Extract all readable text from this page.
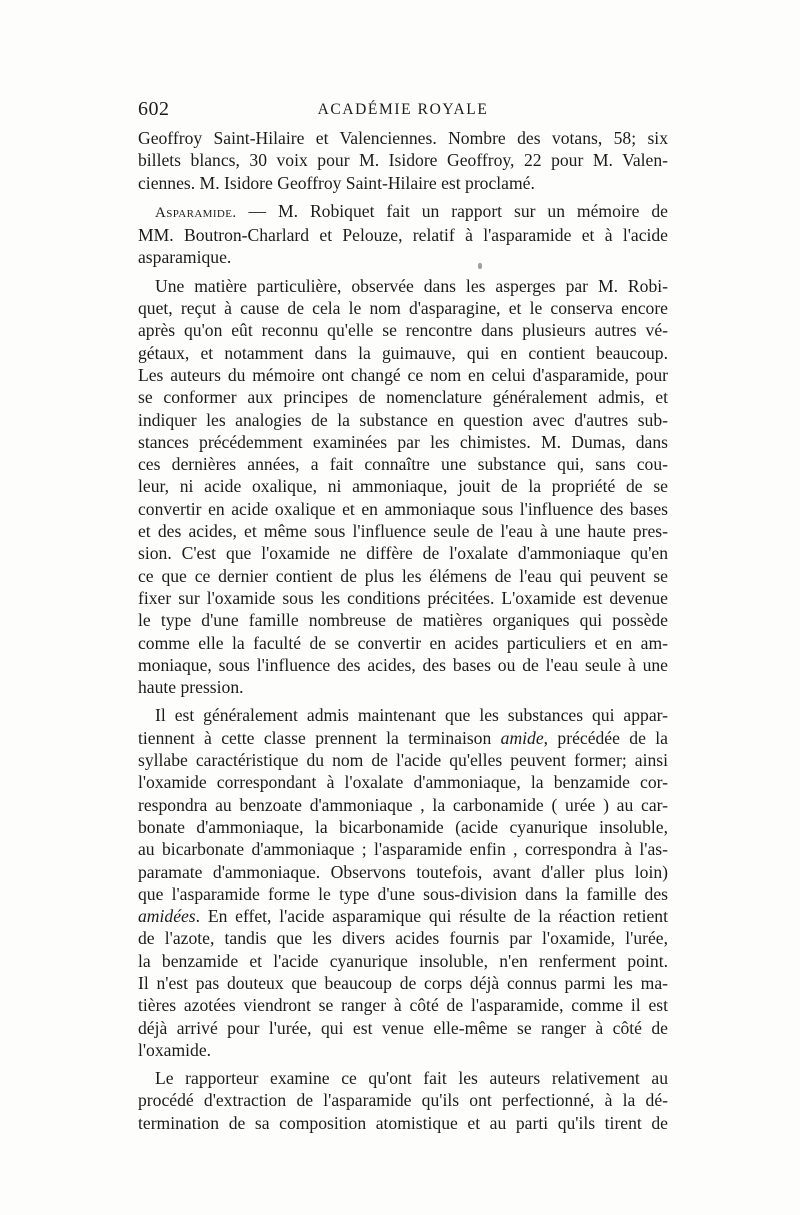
602	ACADÉMIE ROYALE

Geoffroy Saint-Hilaire et Valenciennes. Nombre des votans, 58; six

billets blancs, 30 voix pour M. Isidore Geoffroy, 22 pour M. Valen-

ciennes. M. Isidore Geoffroy Saint-Hilaire est proclamé.

Asparamide. — M. Robiquet fait un rapport sur un mémoire de

MM. Boutron-Charlard et Pelouze, relatif à l'asparamide et à l'acide

asparamique.

Une matière particulière, observée dans les asperges par M. Robi-

quet, reçut à cause de cela le nom d'asparagine, et le conserva encore

après qu'on eût reconnu qu'elle se rencontre dans plusieurs autres vé-

gétaux, et notamment dans la guimauve, qui en contient beaucoup.

Les auteurs du mémoire ont changé ce nom en celui d'asparamide, pour

se conformer aux principes de nomenclature généralement admis, et

indiquer les analogies de la substance en question avec d'autres sub-

stances précédemment examinées par les chimistes. M. Dumas, dans

ces dernières années, a fait connaître une substance qui, sans cou-

leur, ni acide oxalique, ni ammoniaque, jouit de la propriété de se

convertir en acide oxalique et en ammoniaque sous l'influence des bases

et des acides, et même sous l'influence seule de l'eau à une haute pres-

sion. C'est que l'oxamide ne diffère de l'oxalate d'ammoniaque qu'en

ce que ce dernier contient de plus les élémens de l'eau qui peuvent se

fixer sur l'oxamide sous les conditions précitées. L'oxamide est devenue

le type d'une famille nombreuse de matières organiques qui possède

comme elle la faculté de se convertir en acides particuliers et en am-

moniaque, sous l'influence des acides, des bases ou de l'eau seule à une

haute pression.

Il est généralement admis maintenant que les substances qui appar-

tiennent à cette classe prennent la terminaison amide, précédée de la

syllabe caractéristique du nom de l'acide qu'elles peuvent former; ainsi

l'oxamide correspondant à l'oxalate d'ammoniaque, la benzamide cor-

respondra au benzoate d'ammoniaque , la carbonamide ( urée ) au car-

bonate d'ammoniaque, la bicarbonamide (acide cyanurique insoluble,

au bicarbonate d'ammoniaque ; l'asparamide enfin , correspondra à l'as-

paramate d'ammoniaque. Observons toutefois, avant d'aller plus loin)

que l'asparamide forme le type d'une sous-division dans la famille des

amidées. En effet, l'acide asparamique qui résulte de la réaction retient

de l'azote, tandis que les divers acides fournis par l'oxamide, l'urée,

la benzamide et l'acide cyanurique insoluble, n'en renferment point.

Il n'est pas douteux que beaucoup de corps déjà connus parmi les ma-

tières azotées viendront se ranger à côté de l'asparamide, comme il est

déjà arrivé pour l'urée, qui est venue elle-même se ranger à côté de

l'oxamide.

Le rapporteur examine ce qu'ont fait les auteurs relativement au

procédé d'extraction de l'asparamide qu'ils ont perfectionné, à la dé-

termination de sa composition atomistique et au parti qu'ils tirent de
